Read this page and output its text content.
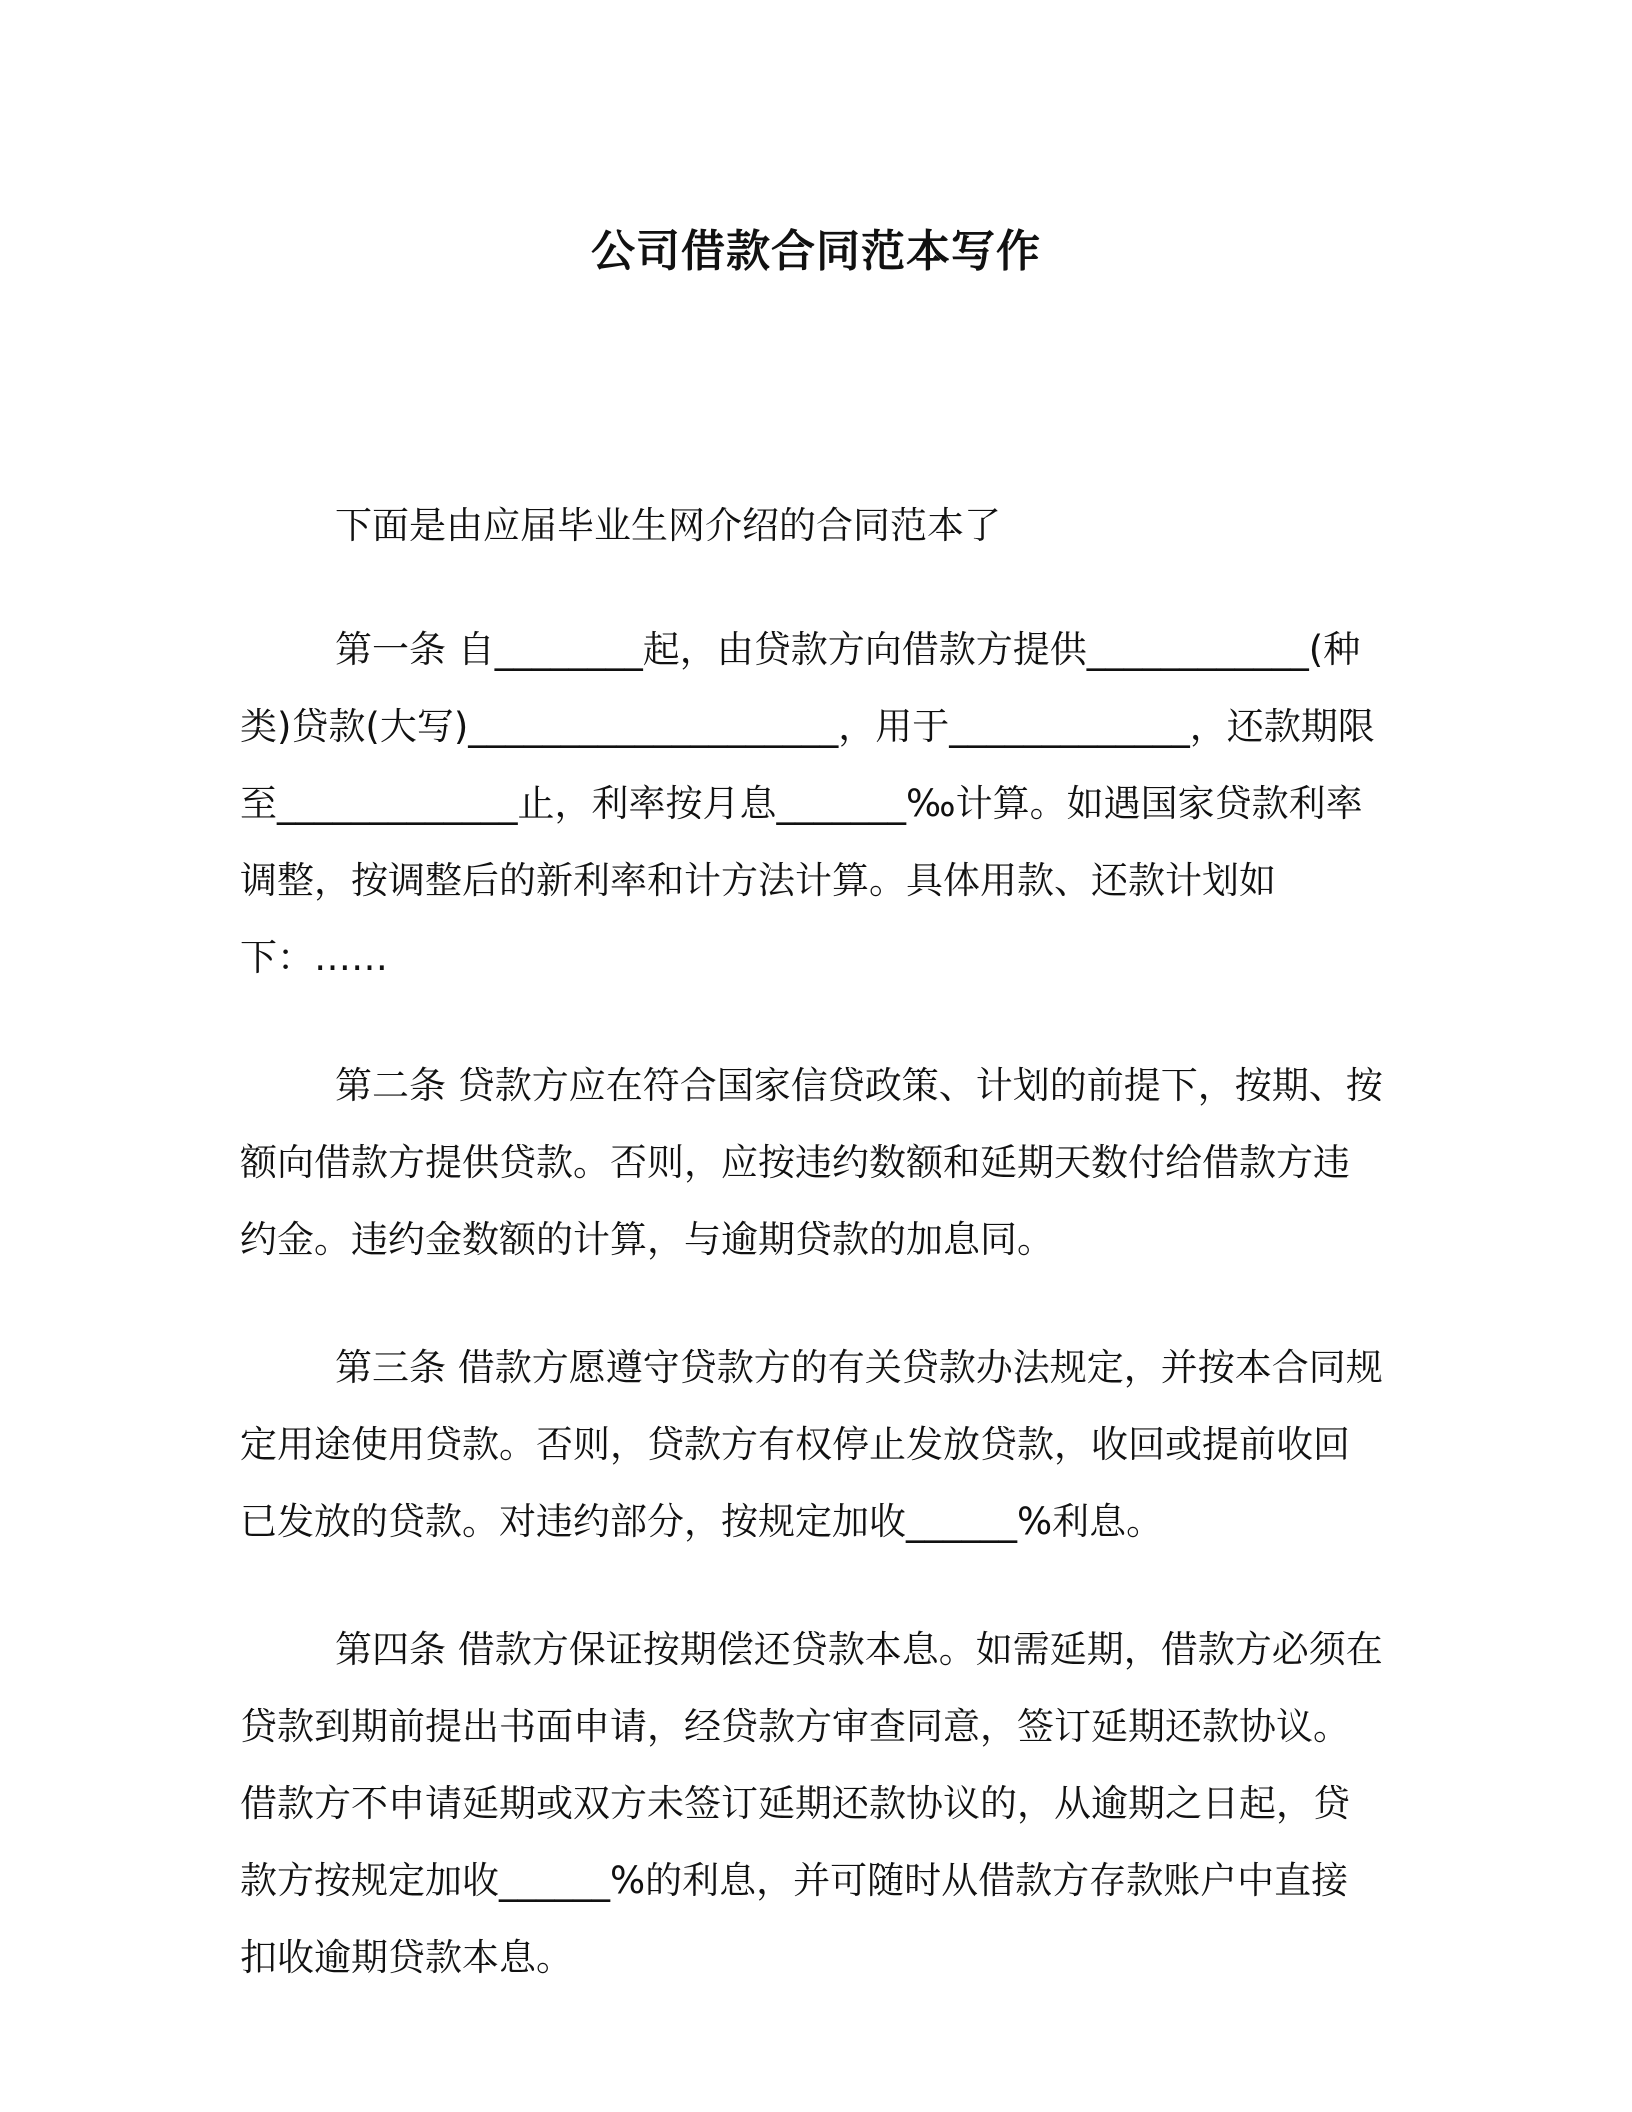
公司借款合同范本写作

下面是由应届毕业生网介绍的合同范本了

第一条 自________起，由贷款方向借款方提供____________(种类)贷款(大写)____________________，用于_____________，还款期限至_____________止，利率按月息_______‰计算。如遇国家贷款利率调整，按调整后的新利率和计方法计算。具体用款、还款计划如下：……

第二条 贷款方应在符合国家信贷政策、计划的前提下，按期、按额向借款方提供贷款。否则，应按违约数额和延期天数付给借款方违约金。违约金数额的计算，与逾期贷款的加息同。

第三条 借款方愿遵守贷款方的有关贷款办法规定，并按本合同规定用途使用贷款。否则，贷款方有权停止发放贷款，收回或提前收回已发放的贷款。对违约部分，按规定加收______%利息。

第四条 借款方保证按期偿还贷款本息。如需延期，借款方必须在贷款到期前提出书面申请，经贷款方审查同意，签订延期还款协议。借款方不申请延期或双方未签订延期还款协议的，从逾期之日起，贷款方按规定加收______%的利息，并可随时从借款方存款账户中直接扣收逾期贷款本息。
